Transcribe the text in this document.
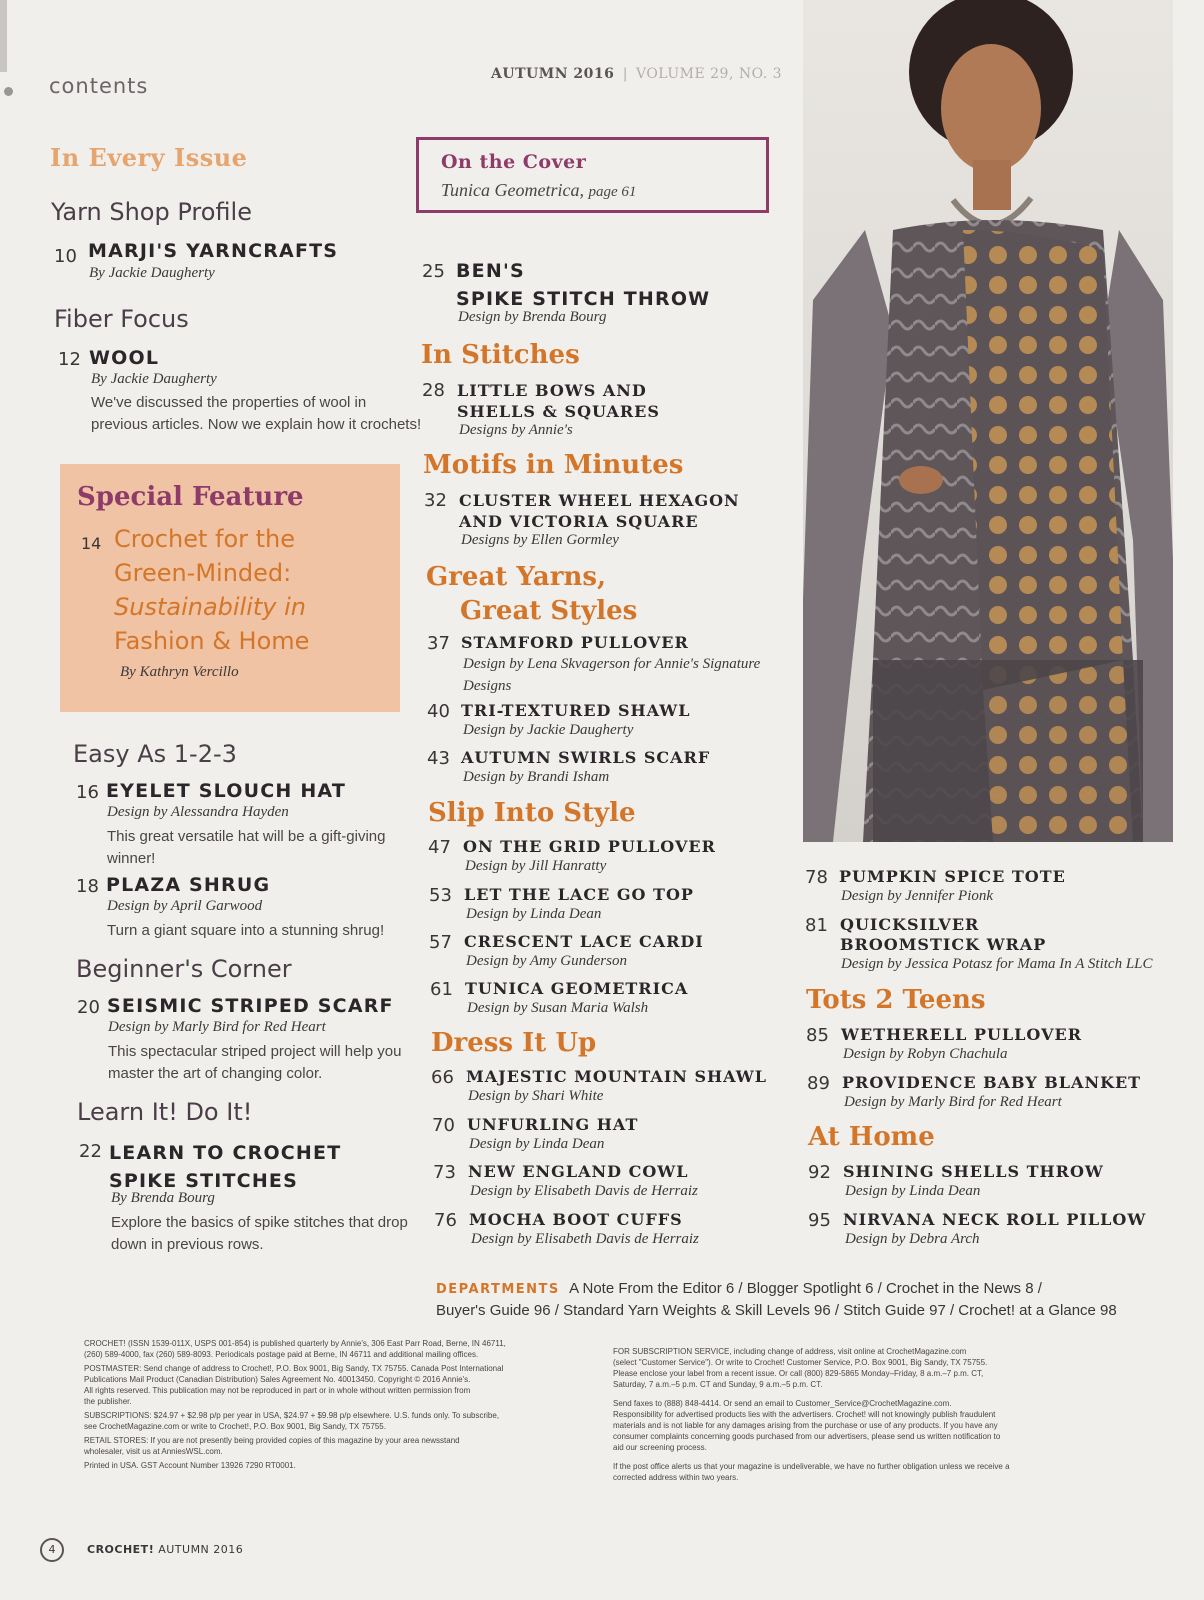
contents	AUTUMN 2016 | VOLUME 29, NO. 3
In Every Issue
Yarn Shop Profile
10 MARJI'S YARNCRAFTS
By Jackie Daugherty
Fiber Focus
12 WOOL
By Jackie Daugherty
We've discussed the properties of wool in
previous articles. Now we explain how it crochets!
Special Feature
14 Crochet for the
Green-Minded:
Sustainability in
Fashion & Home
By Kathryn Vercillo
Easy As 1-2-3
16 EYELET SLOUCH HAT
Design by Alessandra Hayden
This great versatile hat will be a gift-giving
winner!
18 PLAZA SHRUG
Design by April Garwood
Turn a giant square into a stunning shrug!
Beginner's Corner
20 SEISMIC STRIPED SCARF
Design by Marly Bird for Red Heart
This spectacular striped project will help you
master the art of changing color.
Learn It! Do It!
22 LEARN TO CROCHET
SPIKE STITCHES
By Brenda Bourg
Explore the basics of spike stitches that drop
down in previous rows.
On the Cover
Tunica Geometrica, page 61
25 BEN'S
SPIKE STITCH THROW
Design by Brenda Bourg
In Stitches
28 LITTLE BOWS AND
SHELLS & SQUARES
Designs by Annie's
Motifs in Minutes
32 CLUSTER WHEEL HEXAGON
AND VICTORIA SQUARE
Designs by Ellen Gormley
Great Yarns,
Great Styles
37 STAMFORD PULLOVER
Design by Lena Skvagerson for Annie's Signature
Designs
40 TRI-TEXTURED SHAWL
Design by Jackie Daugherty
43 AUTUMN SWIRLS SCARF
Design by Brandi Isham
Slip Into Style
47 ON THE GRID PULLOVER
Design by Jill Hanratty
53 LET THE LACE GO TOP
Design by Linda Dean
57 CRESCENT LACE CARDI
Design by Amy Gunderson
61 TUNICA GEOMETRICA
Design by Susan Maria Walsh
Dress It Up
66 MAJESTIC MOUNTAIN SHAWL
Design by Shari White
70 UNFURLING HAT
Design by Linda Dean
73 NEW ENGLAND COWL
Design by Elisabeth Davis de Herraiz
76 MOCHA BOOT CUFFS
Design by Elisabeth Davis de Herraiz
78 PUMPKIN SPICE TOTE
Design by Jennifer Pionk
81 QUICKSILVER
BROOMSTICK WRAP
Design by Jessica Potasz for Mama In A Stitch LLC
Tots 2 Teens
85 WETHERELL PULLOVER
Design by Robyn Chachula
89 PROVIDENCE BABY BLANKET
Design by Marly Bird for Red Heart
At Home
92 SHINING SHELLS THROW
Design by Linda Dean
95 NIRVANA NECK ROLL PILLOW
Design by Debra Arch
DEPARTMENTS A Note From the Editor 6 / Blogger Spotlight 6 / Crochet in the News 8 /
Buyer's Guide 96 / Standard Yarn Weights & Skill Levels 96 / Stitch Guide 97 / Crochet! at a Glance 98
CROCHET! (ISSN 1539-011X, USPS 001-854) is published quarterly by Annie's, 306 East Parr Road, Berne, IN 46711,
(260) 589-4000, fax (260) 589-8093. Periodicals postage paid at Berne, IN 46711 and additional mailing offices.
POSTMASTER: Send change of address to Crochet!, P.O. Box 9001, Big Sandy, TX 75755. Canada Post International
Publications Mail Product (Canadian Distribution) Sales Agreement No. 40013450. Copyright © 2016 Annie's.
All rights reserved. This publication may not be reproduced in part or in whole without written permission from
the publisher.
SUBSCRIPTIONS: $24.97 + $2.98 p/p per year in USA, $24.97 + $9.98 p/p elsewhere. U.S. funds only. To subscribe,
see CrochetMagazine.com or write to Crochet!, P.O. Box 9001, Big Sandy, TX 75755.
RETAIL STORES: If you are not presently being provided copies of this magazine by your area newsstand
wholesaler, visit us at AnniesWSL.com.
Printed in USA. GST Account Number 13926 7290 RT0001.
FOR SUBSCRIPTION SERVICE, including change of address, visit online at CrochetMagazine.com
(select "Customer Service"). Or write to Crochet! Customer Service, P.O. Box 9001, Big Sandy, TX 75755.
Please enclose your label from a recent issue. Or call (800) 829-5865 Monday–Friday, 8 a.m.–7 p.m. CT,
Saturday, 7 a.m.–5 p.m. CT and Sunday, 9 a.m.–5 p.m. CT.
Send faxes to (888) 848-4414. Or send an email to Customer_Service@CrochetMagazine.com.
Responsibility for advertised products lies with the advertisers. Crochet! will not knowingly publish fraudulent
materials and is not liable for any damages arising from the purchase or use of any products. If you have any
consumer complaints concerning goods purchased from our advertisers, please send us written notification to
aid our screening process.
If the post office alerts us that your magazine is undeliverable, we have no further obligation unless we receive a
corrected address within two years.
4	CROCHET! AUTUMN 2016
